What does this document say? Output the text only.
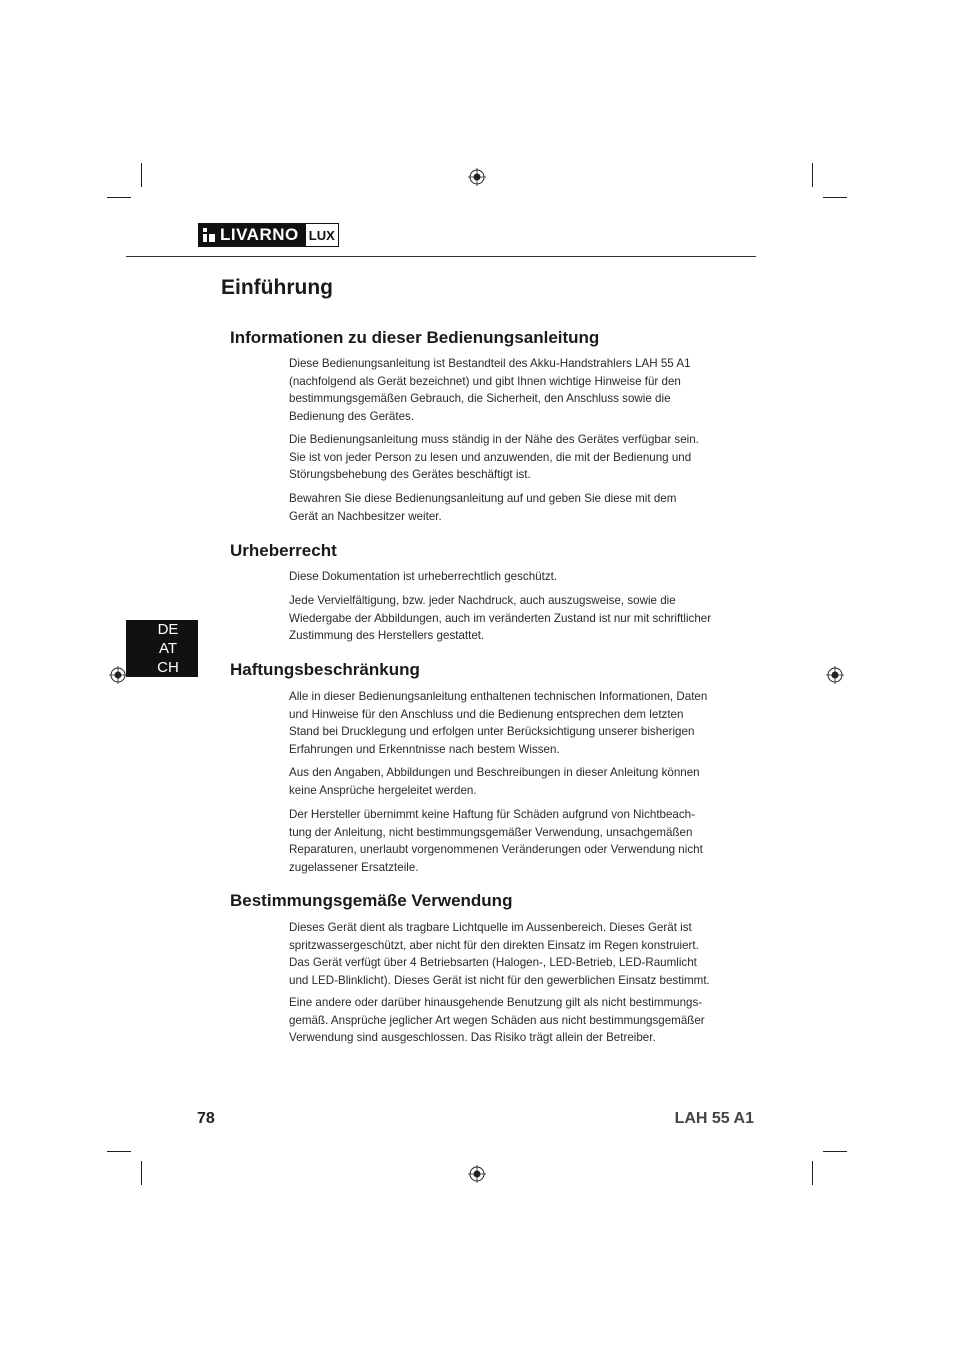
LIVARNO LUX
Einführung
Informationen zu dieser Bedienungsanleitung
Diese Bedienungsanleitung ist Bestandteil des Akku-Handstrahlers LAH 55 A1
(nachfolgend als Gerät bezeichnet) und gibt Ihnen wichtige Hinweise für den
bestimmungsgemäßen Gebrauch, die Sicherheit, den Anschluss sowie die
Bedienung des Gerätes.
Die Bedienungsanleitung muss ständig in der Nähe des Gerätes verfügbar sein.
Sie ist von jeder Person zu lesen und anzuwenden, die mit der Bedienung und
Störungsbehebung des Gerätes beschäftigt ist.
Bewahren Sie diese Bedienungsanleitung auf und geben Sie diese mit dem
Gerät an Nachbesitzer weiter.
Urheberrecht
Diese Dokumentation ist urheberrechtlich geschützt.
Jede Vervielfältigung, bzw. jeder Nachdruck, auch auszugsweise, sowie die
Wiedergabe der Abbildungen, auch im veränderten Zustand ist nur mit schriftlicher
Zustimmung des Herstellers gestattet.
DE
AT
CH	Haftungsbeschränkung
Alle in dieser Bedienungsanleitung enthaltenen technischen Informationen, Daten
und Hinweise für den Anschluss und die Bedienung entsprechen dem letzten
Stand bei Drucklegung und erfolgen unter Berücksichtigung unserer bisherigen
Erfahrungen und Erkenntnisse nach bestem Wissen.
Aus den Angaben, Abbildungen und Beschreibungen in dieser Anleitung können
keine Ansprüche hergeleitet werden.
Der Hersteller übernimmt keine Haftung für Schäden aufgrund von Nichtbeach-
tung der Anleitung, nicht bestimmungsgemäßer Verwendung, unsachgemäßen
Reparaturen, unerlaubt vorgenommenen Veränderungen oder Verwendung nicht
zugelassener Ersatzteile.
Bestimmungsgemäße Verwendung
Dieses Gerät dient als tragbare Lichtquelle im Aussenbereich. Dieses Gerät ist
spritzwassergeschützt, aber nicht für den direkten Einsatz im Regen konstruiert.
Das Gerät verfügt über 4 Betriebsarten (Halogen-, LED-Betrieb, LED-Raumlicht
und LED-Blinklicht). Dieses Gerät ist nicht für den gewerblichen Einsatz bestimmt.
Eine andere oder darüber hinausgehende Benutzung gilt als nicht bestimmungs-
gemäß. Ansprüche jeglicher Art wegen Schäden aus nicht bestimmungsgemäßer
Verwendung sind ausgeschlossen. Das Risiko trägt allein der Betreiber.
78	LAH 55 A1
